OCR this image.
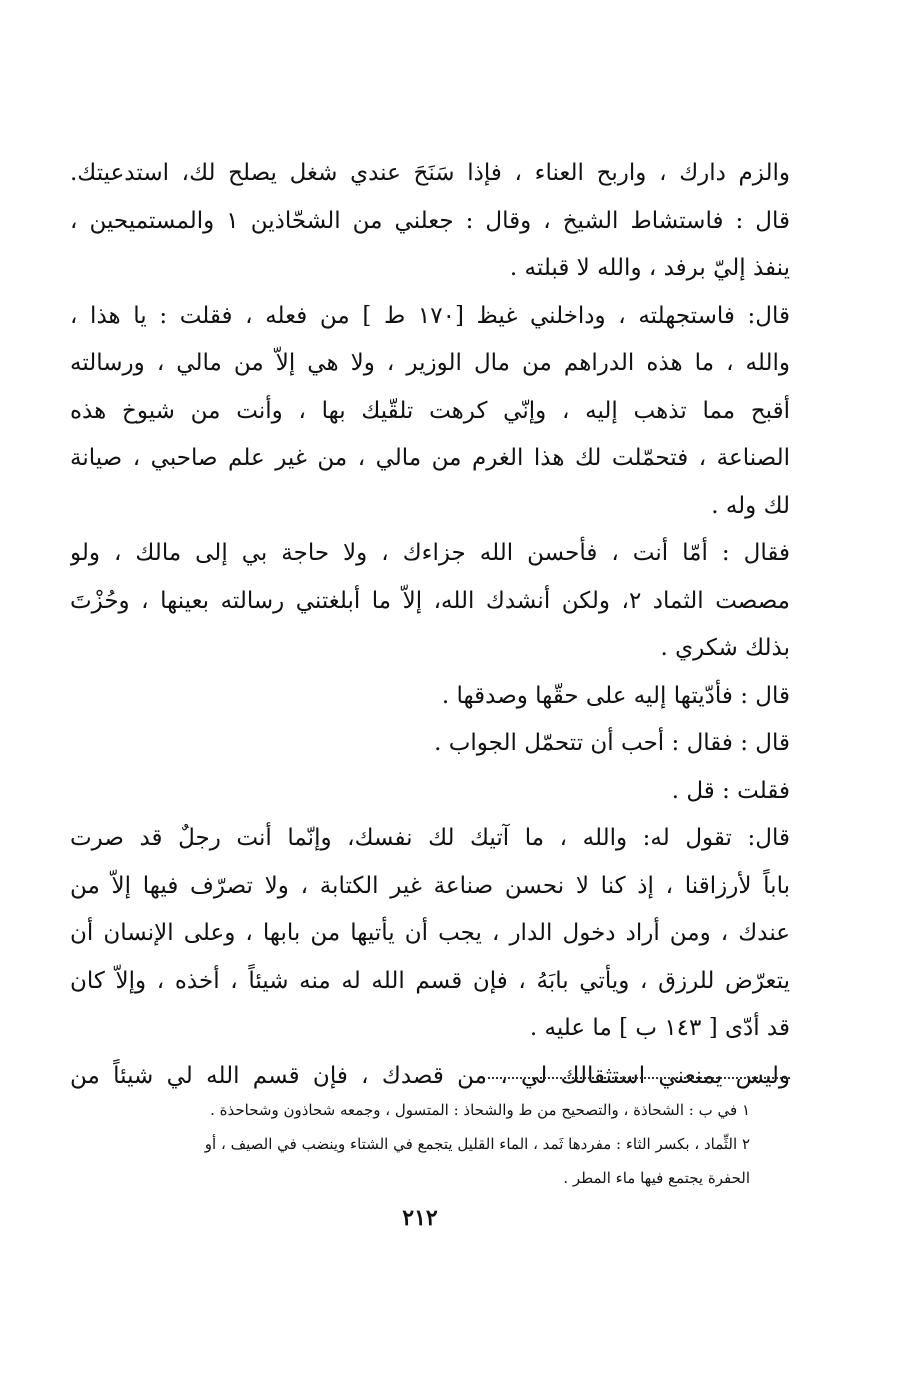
والزم دارك ، واربح العناء ، فإذا سَنَحَ عندي شغل يصلح لك، استدعيتك.
قال : فاستشاط الشيخ ، وقال : جعلني من الشحّاذين ١ والمستميحين ،
ينفذ إليّ برفد ، والله لا قبلته .
قال: فاستجهلته ، وداخلني غيظ [١٧٠ ط ] من فعله ، فقلت : يا هذا ،
والله ، ما هذه الدراهم من مال الوزير ، ولا هي إلاّ من مالي ، ورسالته
أقبح مما تذهب إليه ، وإنّي كرهت تلقّيك بها ، وأنت من شيوخ هذه
الصناعة ، فتحمّلت لك هذا الغرم من مالي ، من غير علم صاحبي ، صيانة
لك وله .
فقال : أمّا أنت ، فأحسن الله جزاءك ، ولا حاجة بي إلى مالك ، ولو
مصصت الثماد ٢، ولكن أنشدك الله، إلاّ ما أبلغتني رسالته بعينها ، وحُزْتَ
بذلك شكري .
قال : فأدّيتها إليه على حقّها وصدقها .
قال : فقال : أحب أن تتحمّل الجواب .
فقلت : قل .
قال: تقول له: والله ، ما آتيك لك نفسك، وإنّما أنت رجلٌ قد صرت
باباً لأرزاقنا ، إذ كنا لا نحسن صناعة غير الكتابة ، ولا تصرّف فيها إلاّ من
عندك ، ومن أراد دخول الدار ، يجب أن يأتيها من بابها ، وعلى الإنسان أن
يتعرّض للرزق ، ويأتي بابَهُ ، فإن قسم الله له منه شيئاً ، أخذه ، وإلاّ كان
قد أدّى [ ١٤٣ ب ] ما عليه .
وليس يمنعني استثقالك لي ، من قصدك ، فإن قسم الله لي شيئاً من
١ في ب : الشحاذة ، والتصحيح من ط والشحاذ : المتسول ، وجمعه شحاذون وشحاحذة .
٢ الثِّماد ، بكسر الثاء : مفردها ثَمد ، الماء القليل يتجمع في الشتاء وينضب في الصيف ، أو
الحفرة يجتمع فيها ماء المطر .
٢١٢
